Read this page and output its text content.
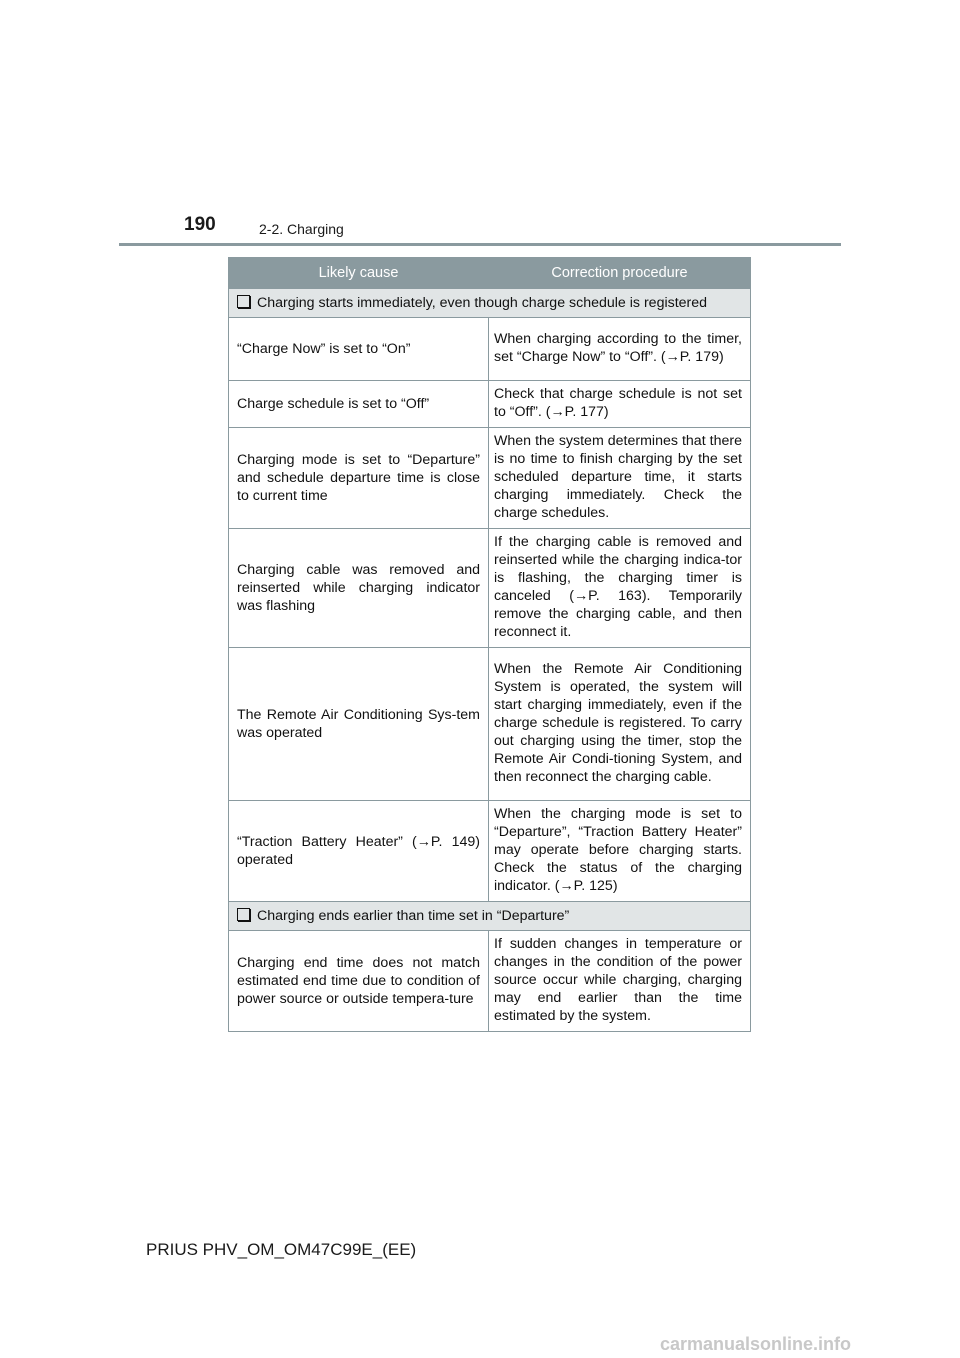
190	2-2. Charging
Likely cause	Correction procedure
Charging starts immediately, even though charge schedule is registered	
“Charge Now” is set to “On”	When charging according to the timer, set “Charge Now” to “Off”. (→P. 179)
Charge schedule is set to “Off”	Check that charge schedule is not set to “Off”. (→P. 177)
Charging mode is set to “Departure” and schedule departure time is close to current time	When the system determines that there is no time to finish charging by the set scheduled departure time, it starts charging immediately. Check the charge schedules.
Charging cable was removed and reinserted while charging indicator was flashing	If the charging cable is removed and reinserted while the charging indica-tor is flashing, the charging timer is canceled (→P. 163). Temporarily remove the charging cable, and then reconnect it.
The Remote Air Conditioning Sys-tem was operated	When the Remote Air Conditioning System is operated, the system will start charging immediately, even if the charge schedule is registered. To carry out charging using the timer, stop the Remote Air Condi-tioning System, and then reconnect the charging cable.
“Traction Battery Heater” (→P. 149) operated	When the charging mode is set to “Departure”, “Traction Battery Heater” may operate before charging starts. Check the status of the charging indicator. (→P. 125)
Charging ends earlier than time set in “Departure”	
Charging end time does not match estimated end time due to condition of power source or outside tempera-ture	If sudden changes in temperature or changes in the condition of the power source occur while charging, charging may end earlier than the time estimated by the system.
PRIUS PHV_OM_OM47C99E_(EE)
carmanualsonline.info
